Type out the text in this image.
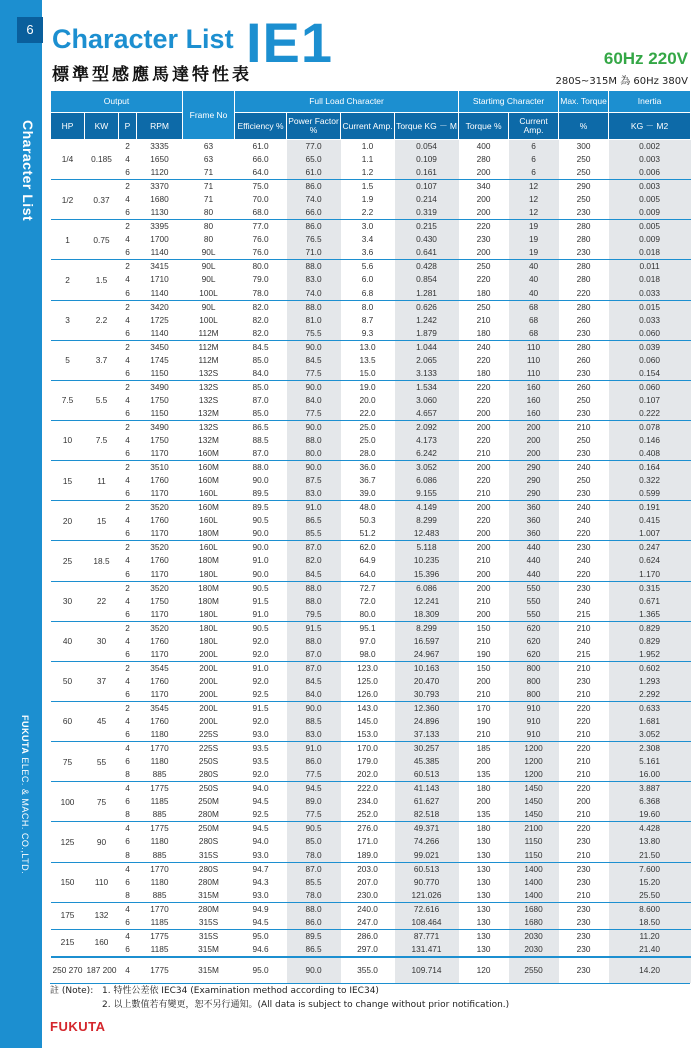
6
Character List
FUKUTA ELEC. & MACH. CO.,LTD.
Character List IE1
標準型感應馬達特性表
60Hz 220V
280S~315M 為 60Hz 380V
Output				Frame No	Full Load Character				Startimg Character		Max. Torque	Inertia
HP	KW	P	RPM		Efficiency %	Power Factor %	Current Amp.	Torque KG － M	Torque %	Current Amp.	%	KG － M2
1/4	0.185	2	3335	63	61.0	77.0	1.0	0.054	400	6	300	0.002
		4	1650	63	66.0	65.0	1.1	0.109	280	6	250	0.003
		6	1120	71	64.0	61.0	1.2	0.161	200	6	250	0.006
1/2	0.37	2	3370	71	75.0	86.0	1.5	0.107	340	12	290	0.003
		4	1680	71	70.0	74.0	1.9	0.214	200	12	250	0.005
		6	1130	80	68.0	66.0	2.2	0.319	200	12	230	0.009
1	0.75	2	3395	80	77.0	86.0	3.0	0.215	220	19	280	0.005
		4	1700	80	76.0	76.5	3.4	0.430	230	19	280	0.009
		6	1140	90L	76.0	71.0	3.6	0.641	200	19	230	0.018
2	1.5	2	3415	90L	80.0	88.0	5.6	0.428	250	40	280	0.011
		4	1710	90L	79.0	83.0	6.0	0.854	220	40	280	0.018
		6	1140	100L	78.0	74.0	6.8	1.281	180	40	220	0.033
3	2.2	2	3420	90L	82.0	88.0	8.0	0.626	250	68	280	0.015
		4	1725	100L	82.0	81.0	8.7	1.242	210	68	260	0.033
		6	1140	112M	82.0	75.5	9.3	1.879	180	68	230	0.060
5	3.7	2	3450	112M	84.5	90.0	13.0	1.044	240	110	280	0.039
		4	1745	112M	85.0	84.5	13.5	2.065	220	110	260	0.060
		6	1150	132S	84.0	77.5	15.0	3.133	180	110	230	0.154
7.5	5.5	2	3490	132S	85.0	90.0	19.0	1.534	220	160	260	0.060
		4	1750	132S	87.0	84.0	20.0	3.060	220	160	250	0.107
		6	1150	132M	85.0	77.5	22.0	4.657	200	160	230	0.222
10	7.5	2	3490	132S	86.5	90.0	25.0	2.092	200	200	210	0.078
		4	1750	132M	88.5	88.0	25.0	4.173	220	200	250	0.146
		6	1170	160M	87.0	80.0	28.0	6.242	210	200	230	0.408
15	11	2	3510	160M	88.0	90.0	36.0	3.052	200	290	240	0.164
		4	1760	160M	90.0	87.5	36.7	6.086	220	290	250	0.322
		6	1170	160L	89.5	83.0	39.0	9.155	210	290	230	0.599
20	15	2	3520	160M	89.5	91.0	48.0	4.149	200	360	240	0.191
		4	1760	160L	90.5	86.5	50.3	8.299	220	360	240	0.415
		6	1170	180M	90.0	85.5	51.2	12.483	200	360	220	1.007
25	18.5	2	3520	160L	90.0	87.0	62.0	5.118	200	440	230	0.247
		4	1760	180M	91.0	82.0	64.9	10.235	210	440	240	0.624
		6	1170	180L	90.0	84.5	64.0	15.396	200	440	220	1.170
30	22	2	3520	180M	90.5	88.0	72.7	6.086	200	550	230	0.315
		4	1750	180M	91.5	88.0	72.0	12.241	210	550	240	0.671
		6	1170	180L	91.0	79.5	80.0	18.309	200	550	215	1.365
40	30	2	3520	180L	90.5	91.5	95.1	8.299	150	620	210	0.829
		4	1760	180L	92.0	88.0	97.0	16.597	210	620	240	0.829
		6	1170	200L	92.0	87.0	98.0	24.967	190	620	215	1.952
50	37	2	3545	200L	91.0	87.0	123.0	10.163	150	800	210	0.602
		4	1760	200L	92.0	84.5	125.0	20.470	200	800	230	1.293
		6	1170	200L	92.5	84.0	126.0	30.793	210	800	210	2.292
60	45	2	3545	200L	91.5	90.0	143.0	12.360	170	910	220	0.633
		4	1760	200L	92.0	88.5	145.0	24.896	190	910	220	1.681
		6	1180	225S	93.0	83.0	153.0	37.133	210	910	210	3.052
75	55	4	1770	225S	93.5	91.0	170.0	30.257	185	1200	220	2.308
		6	1180	250S	93.5	86.0	179.0	45.385	200	1200	210	5.161
		8	885	280S	92.0	77.5	202.0	60.513	135	1200	210	16.00
100	75	4	1775	250S	94.0	94.5	222.0	41.143	180	1450	220	3.887
		6	1185	250M	94.5	89.0	234.0	61.627	200	1450	200	6.368
		8	885	280M	92.5	77.5	252.0	82.518	135	1450	210	19.60
125	90	4	1775	250M	94.5	90.5	276.0	49.371	180	2100	220	4.428
		6	1180	280S	94.0	85.0	171.0	74.266	130	1150	230	13.80
		8	885	315S	93.0	78.0	189.0	99.021	130	1150	210	21.50
150	110	4	1770	280S	94.7	87.0	203.0	60.513	130	1400	230	7.600
		6	1180	280M	94.3	85.5	207.0	90.770	130	1400	230	15.20
		8	885	315M	93.0	78.0	230.0	121.026	130	1400	210	25.50
175	132	4	1770	280M	94.9	88.0	240.0	72.616	130	1680	230	8.600
		6	1185	315S	94.5	86.0	247.0	108.464	130	1680	230	18.50
215	160	4	1775	315S	95.0	89.5	286.0	87.771	130	2030	230	11.20
		6	1185	315M	94.6	86.5	297.0	131.471	130	2030	230	21.40
250 270	187 200	4	1775	315M	95.0	90.0	355.0	109.714	120	2550	230	14.20
註 (Note): 1. 特性公差依 IEC34 (Examination method according to IEC34)
2. 以上數值若有變更，恕不另行通知。(All data is subject to change without prior notification.)
FUKUTA
